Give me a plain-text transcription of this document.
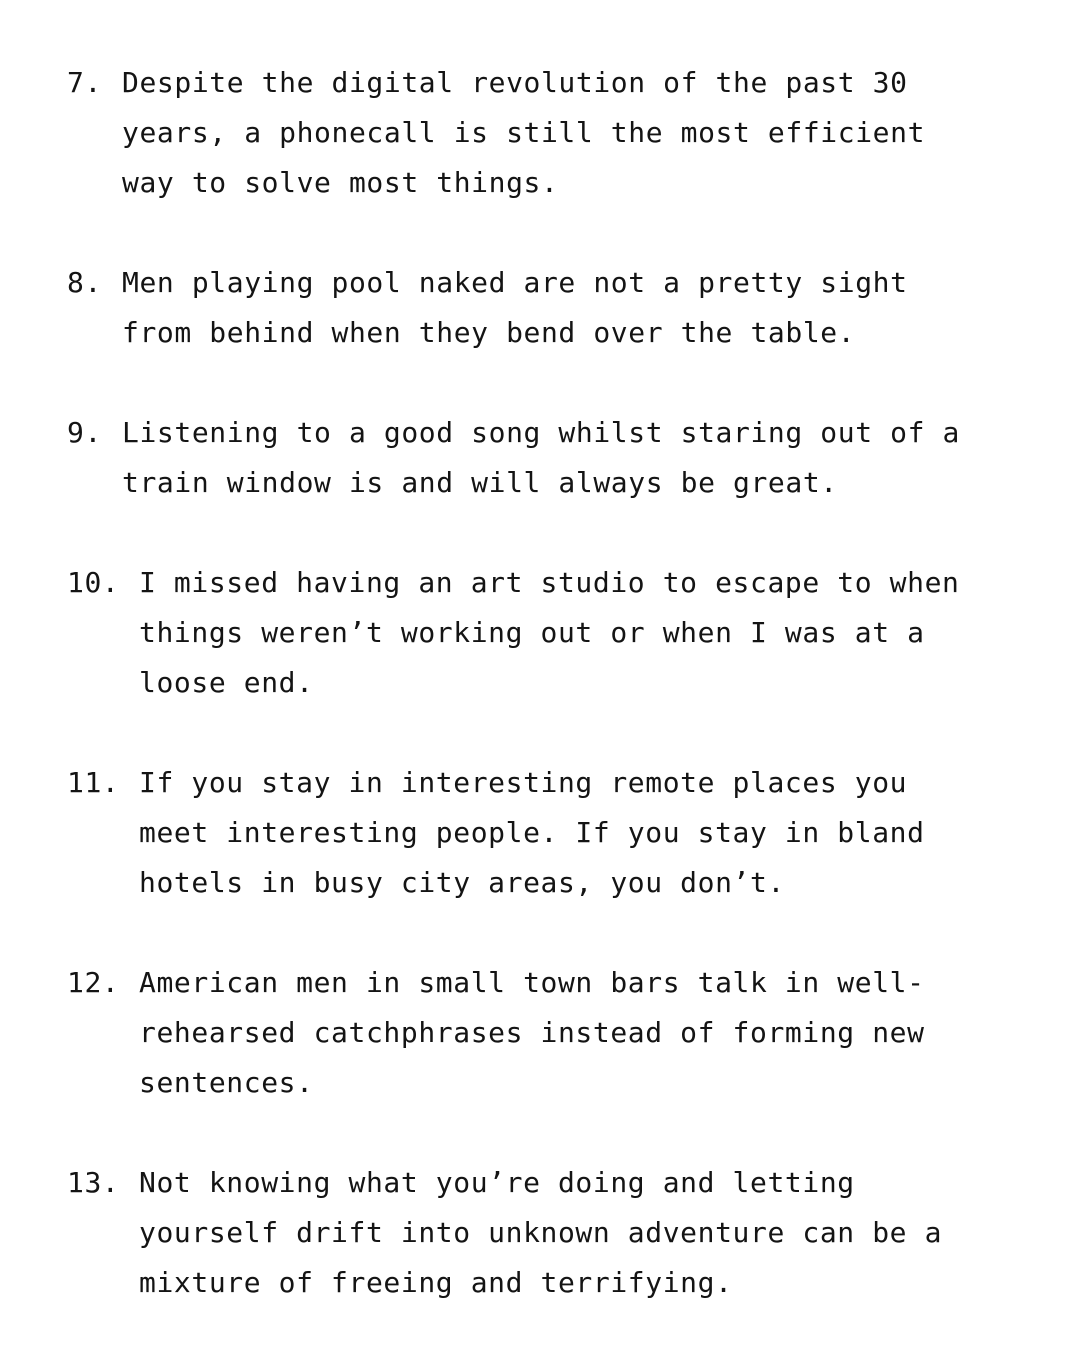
7. Despite the digital revolution of the past 30
years, a phonecall is still the most efficient
way to solve most things.
8. Men playing pool naked are not a pretty sight
from behind when they bend over the table.
9. Listening to a good song whilst staring out of a
train window is and will always be great.
10. I missed having an art studio to escape to when
things weren’t working out or when I was at a
loose end.
11. If you stay in interesting remote places you
meet interesting people. If you stay in bland
hotels in busy city areas, you don’t.
12. American men in small town bars talk in well-
rehearsed catchphrases instead of forming new
sentences.
13. Not knowing what you’re doing and letting
yourself drift into unknown adventure can be a
mixture of freeing and terrifying.
